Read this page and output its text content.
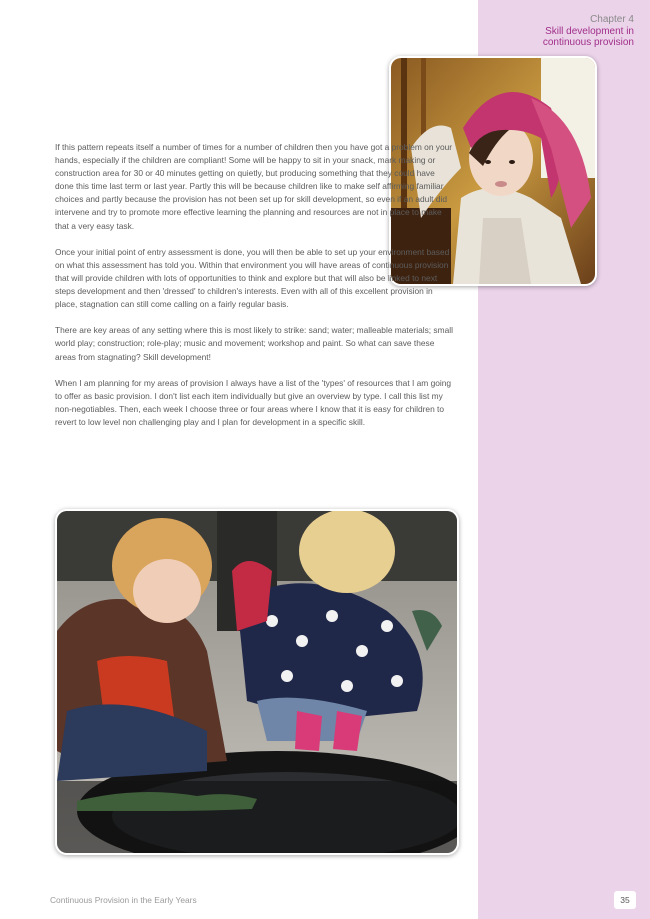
Chapter 4
Skill development in
continuous provision

If this pattern repeats itself a number of times for a number of children then you have got a problem on your hands, especially if the children are compliant! Some will be happy to sit in your snack, mark making or construction area for 30 or 40 minutes getting on quietly, but producing something that they could have done this time last term or last year. Partly this will be because children like to make self affirming familiar choices and partly because the provision has not been set up for skill development, so even if an adult did intervene and try to promote more effective learning the planning and resources are not in place to make that a very easy task.

Once your initial point of entry assessment is done, you will then be able to set up your environment based on what this assessment has told you. Within that environment you will have areas of continuous provision that will provide children with lots of opportunities to think and explore but that will also be linked to next steps development and then 'dressed' to children's interests. Even with all of this excellent provision in place, stagnation can still come calling on a fairly regular basis.

There are key areas of any setting where this is most likely to strike: sand; water; malleable materials; small world play; construction; role-play; music and movement; workshop and paint. So what can save these areas from stagnating? Skill development!

When I am planning for my areas of provision I always have a list of the 'types' of resources that I am going to offer as basic provision. I don't list each item individually but give an overview by type. I call this list my non-negotiables. Then, each week I choose three or four areas where I know that it is easy for children to revert to low level non challenging play and I plan for development in a specific skill.

Continuous Provision in the Early Years	35
